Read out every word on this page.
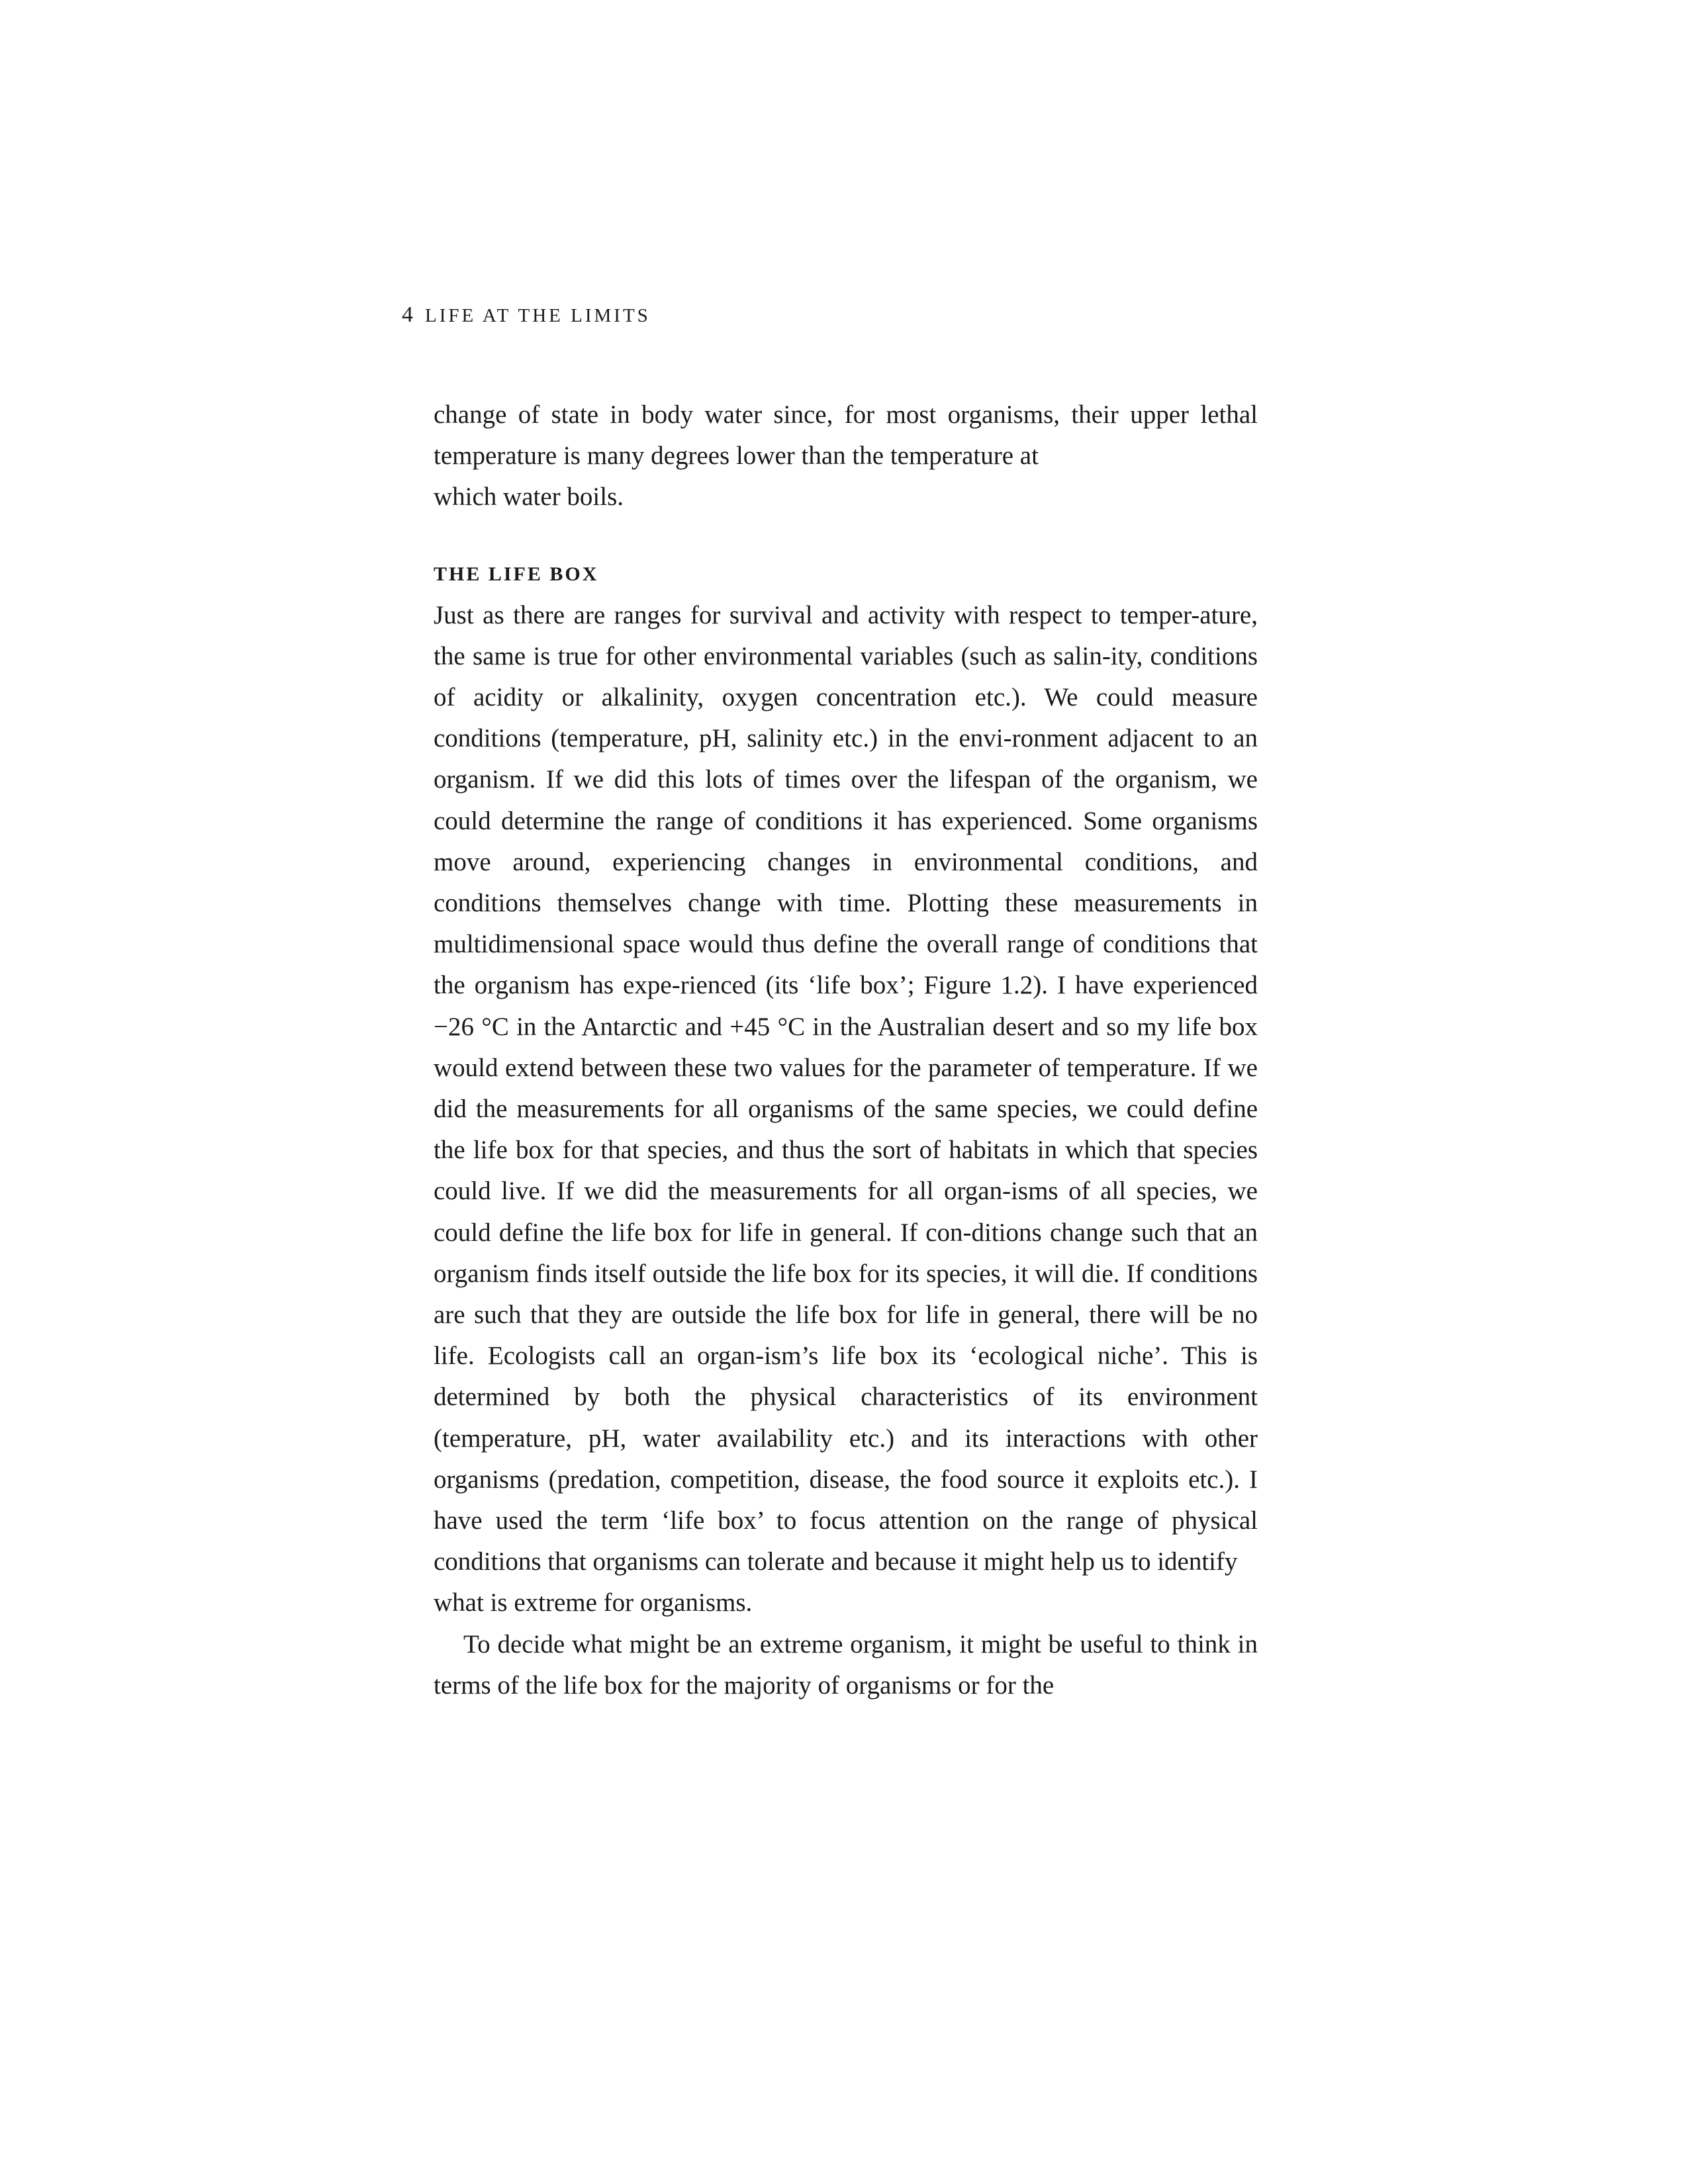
4 LIFE AT THE LIMITS

change of state in body water since, for most organisms, their upper lethal temperature is many degrees lower than the temperature at

which water boils.

THE LIFE BOX

Just as there are ranges for survival and activity with respect to temper-ature, the same is true for other environmental variables (such as salin-ity, conditions of acidity or alkalinity, oxygen concentration etc.). We could measure conditions (temperature, pH, salinity etc.) in the envi-ronment adjacent to an organism. If we did this lots of times over the lifespan of the organism, we could determine the range of conditions it has experienced. Some organisms move around, experiencing changes in environmental conditions, and conditions themselves change with time. Plotting these measurements in multidimensional space would thus define the overall range of conditions that the organism has expe-rienced (its ‘life box’; Figure 1.2). I have experienced −26 °C in the Antarctic and +45 °C in the Australian desert and so my life box would extend between these two values for the parameter of temperature. If we did the measurements for all organisms of the same species, we could define the life box for that species, and thus the sort of habitats in which that species could live. If we did the measurements for all organ-isms of all species, we could define the life box for life in general. If con-ditions change such that an organism finds itself outside the life box for its species, it will die. If conditions are such that they are outside the life box for life in general, there will be no life. Ecologists call an organ-ism’s life box its ‘ecological niche’. This is determined by both the physical characteristics of its environment (temperature, pH, water availability etc.) and its interactions with other organisms (predation, competition, disease, the food source it exploits etc.). I have used the term ‘life box’ to focus attention on the range of physical conditions that organisms can tolerate and because it might help us to identify

what is extreme for organisms.

To decide what might be an extreme organism, it might be useful to think in terms of the life box for the majority of organisms or for the
